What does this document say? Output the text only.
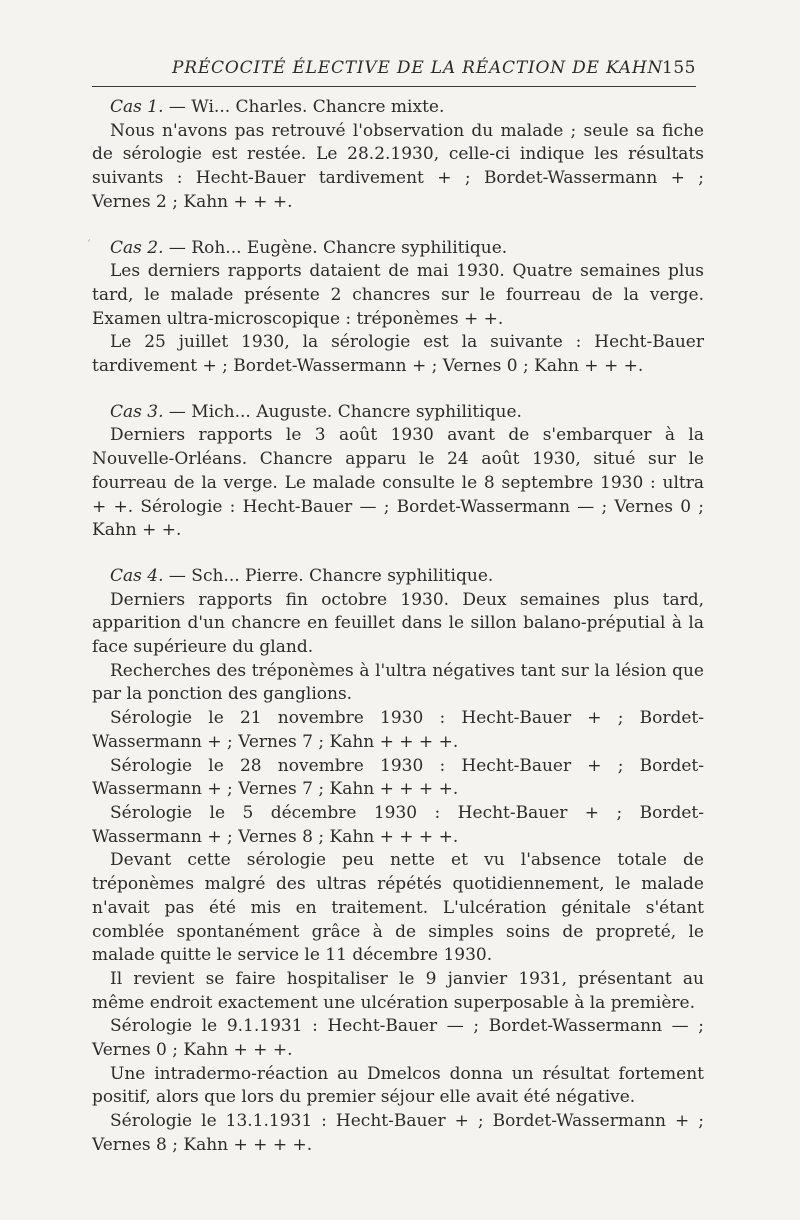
PRÉCOCITÉ ÉLECTIVE DE LA RÉACTION DE KAHN
155

Cas 1. — Wi... Charles. Chancre mixte.

Nous n'avons pas retrouvé l'observation du malade ; seule sa fiche de sérologie est restée. Le 28.2.1930, celle-ci indique les résultats suivants : Hecht-Bauer tardivement + ; Bordet-Wassermann + ; Vernes 2 ; Kahn + + +.

Cas 2. — Roh... Eugène. Chancre syphilitique.

Les derniers rapports dataient de mai 1930. Quatre semaines plus tard, le malade présente 2 chancres sur le fourreau de la verge. Examen ultra-microscopique : tréponèmes + +.

Le 25 juillet 1930, la sérologie est la suivante : Hecht-Bauer tardivement + ; Bordet-Wassermann + ; Vernes 0 ; Kahn + + +.

Cas 3. — Mich... Auguste. Chancre syphilitique.

Derniers rapports le 3 août 1930 avant de s'embarquer à la Nouvelle-Orléans. Chancre apparu le 24 août 1930, situé sur le fourreau de la verge. Le malade consulte le 8 septembre 1930 : ultra + +. Sérologie : Hecht-Bauer — ; Bordet-Wassermann — ; Vernes 0 ; Kahn + +.

Cas 4. — Sch... Pierre. Chancre syphilitique.

Derniers rapports fin octobre 1930. Deux semaines plus tard, apparition d'un chancre en feuillet dans le sillon balano-préputial à la face supérieure du gland.

Recherches des tréponèmes à l'ultra négatives tant sur la lésion que par la ponction des ganglions.

Sérologie le 21 novembre 1930 : Hecht-Bauer + ; Bordet-Wassermann + ; Vernes 7 ; Kahn + + + +.

Sérologie le 28 novembre 1930 : Hecht-Bauer + ; Bordet-Wassermann + ; Vernes 7 ; Kahn + + + +.

Sérologie le 5 décembre 1930 : Hecht-Bauer + ; Bordet-Wassermann + ; Vernes 8 ; Kahn + + + +.

Devant cette sérologie peu nette et vu l'absence totale de tréponèmes malgré des ultras répétés quotidiennement, le malade n'avait pas été mis en traitement. L'ulcération génitale s'étant comblée spontanément grâce à de simples soins de propreté, le malade quitte le service le 11 décembre 1930.

Il revient se faire hospitaliser le 9 janvier 1931, présentant au même endroit exactement une ulcération superposable à la première.

Sérologie le 9.1.1931 : Hecht-Bauer — ; Bordet-Wassermann — ; Vernes 0 ; Kahn + + +.

Une intradermo-réaction au Dmelcos donna un résultat fortement positif, alors que lors du premier séjour elle avait été négative.

Sérologie le 13.1.1931 : Hecht-Bauer + ; Bordet-Wassermann + ; Vernes 8 ; Kahn + + + +.

´
